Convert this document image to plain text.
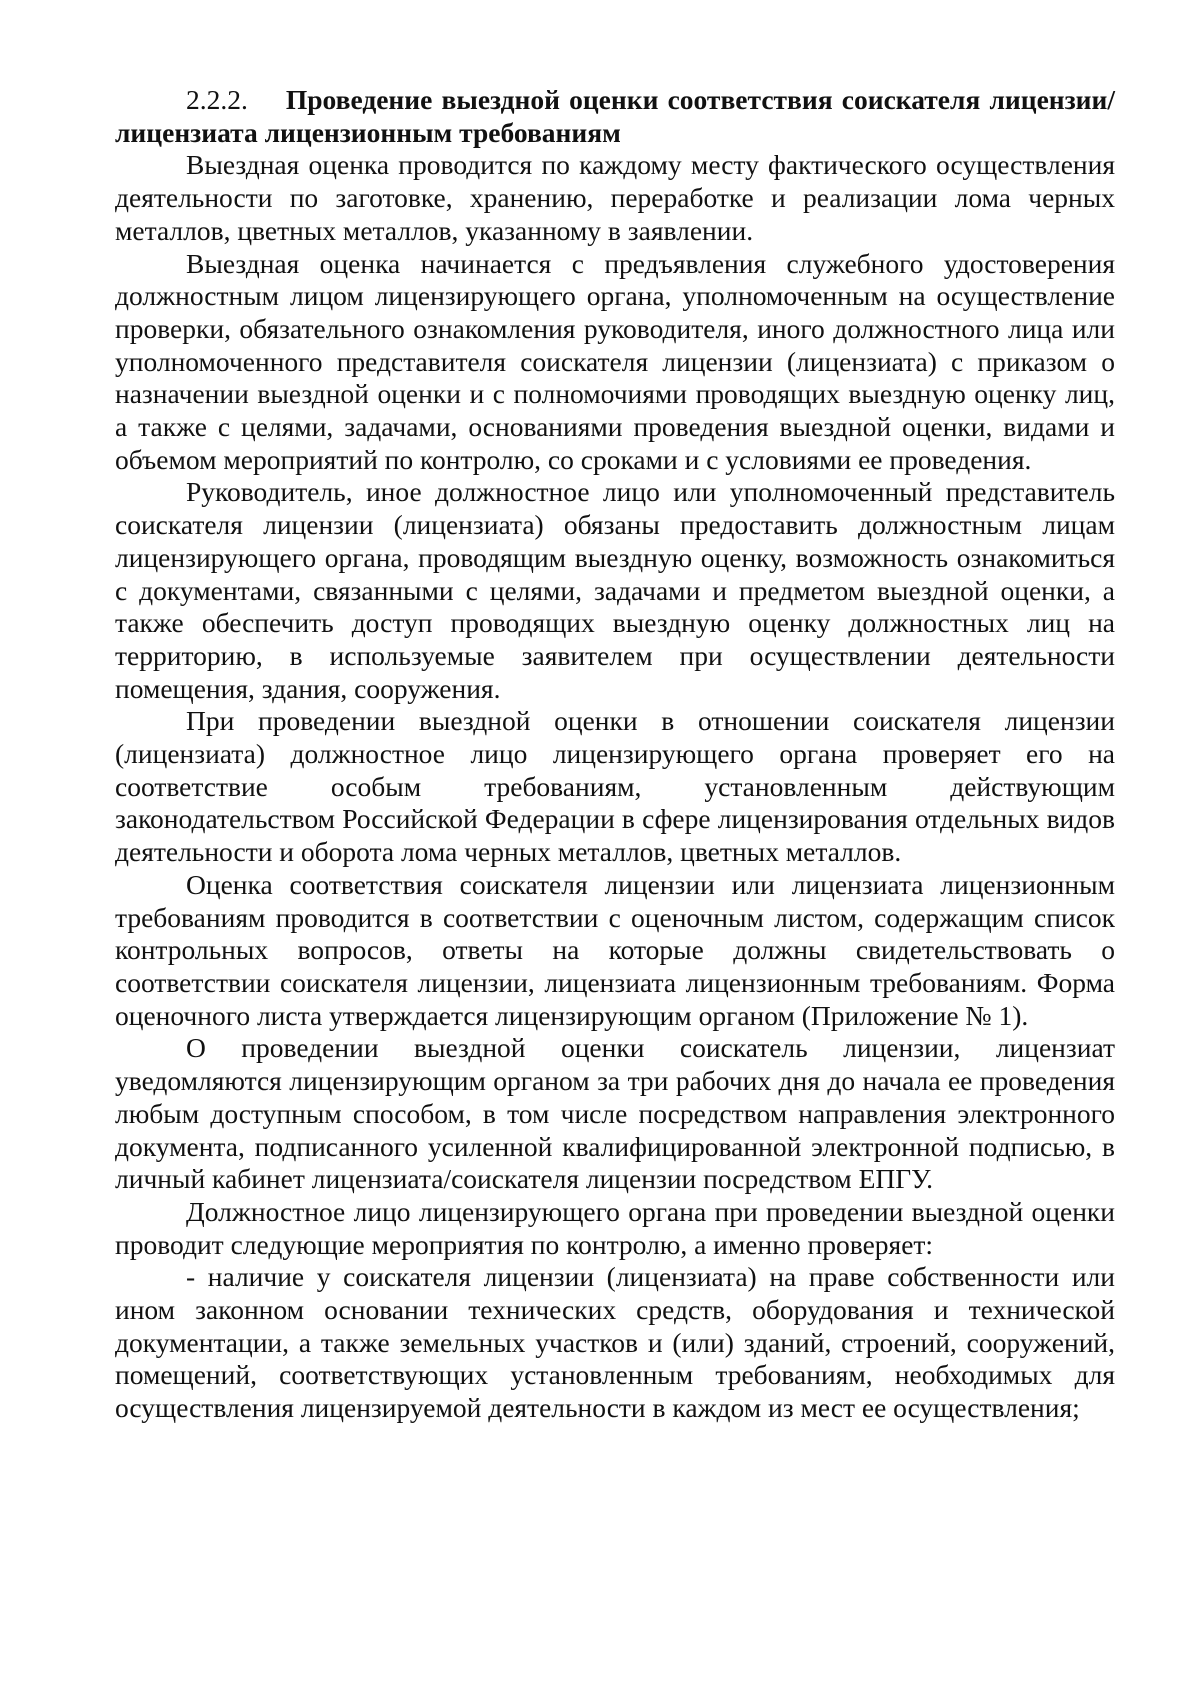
2.2.2. Проведение выездной оценки соответствия соискателя лицензии/лицензиата лицензионным требованиям

Выездная оценка проводится по каждому месту фактического осуществления деятельности по заготовке, хранению, переработке и реализации лома черных металлов, цветных металлов, указанному в заявлении.

Выездная оценка начинается с предъявления служебного удостоверения должностным лицом лицензирующего органа, уполномоченным на осуществление проверки, обязательного ознакомления руководителя, иного должностного лица или уполномоченного представителя соискателя лицензии (лицензиата) с приказом о назначении выездной оценки и с полномочиями проводящих выездную оценку лиц, а также с целями, задачами, основаниями проведения выездной оценки, видами и объемом мероприятий по контролю, со сроками и с условиями ее проведения.

Руководитель, иное должностное лицо или уполномоченный представитель соискателя лицензии (лицензиата) обязаны предоставить должностным лицам лицензирующего органа, проводящим выездную оценку, возможность ознакомиться с документами, связанными с целями, задачами и предметом выездной оценки, а также обеспечить доступ проводящих выездную оценку должностных лиц на территорию, в используемые заявителем при осуществлении деятельности помещения, здания, сооружения.

При проведении выездной оценки в отношении соискателя лицензии (лицензиата) должностное лицо лицензирующего органа проверяет его на соответствие особым требованиям, установленным действующим законодательством Российской Федерации в сфере лицензирования отдельных видов деятельности и оборота лома черных металлов, цветных металлов.

Оценка соответствия соискателя лицензии или лицензиата лицензионным требованиям проводится в соответствии с оценочным листом, содержащим список контрольных вопросов, ответы на которые должны свидетельствовать о соответствии соискателя лицензии, лицензиата лицензионным требованиям. Форма оценочного листа утверждается лицензирующим органом (Приложение № 1).

О проведении выездной оценки соискатель лицензии, лицензиат уведомляются лицензирующим органом за три рабочих дня до начала ее проведения любым доступным способом, в том числе посредством направления электронного документа, подписанного усиленной квалифицированной электронной подписью, в личный кабинет лицензиата/соискателя лицензии посредством ЕПГУ.

Должностное лицо лицензирующего органа при проведении выездной оценки проводит следующие мероприятия по контролю, а именно проверяет:

- наличие у соискателя лицензии (лицензиата) на праве собственности или ином законном основании технических средств, оборудования и технической документации, а также земельных участков и (или) зданий, строений, сооружений, помещений, соответствующих установленным требованиям, необходимых для осуществления лицензируемой деятельности в каждом из мест ее осуществления;
